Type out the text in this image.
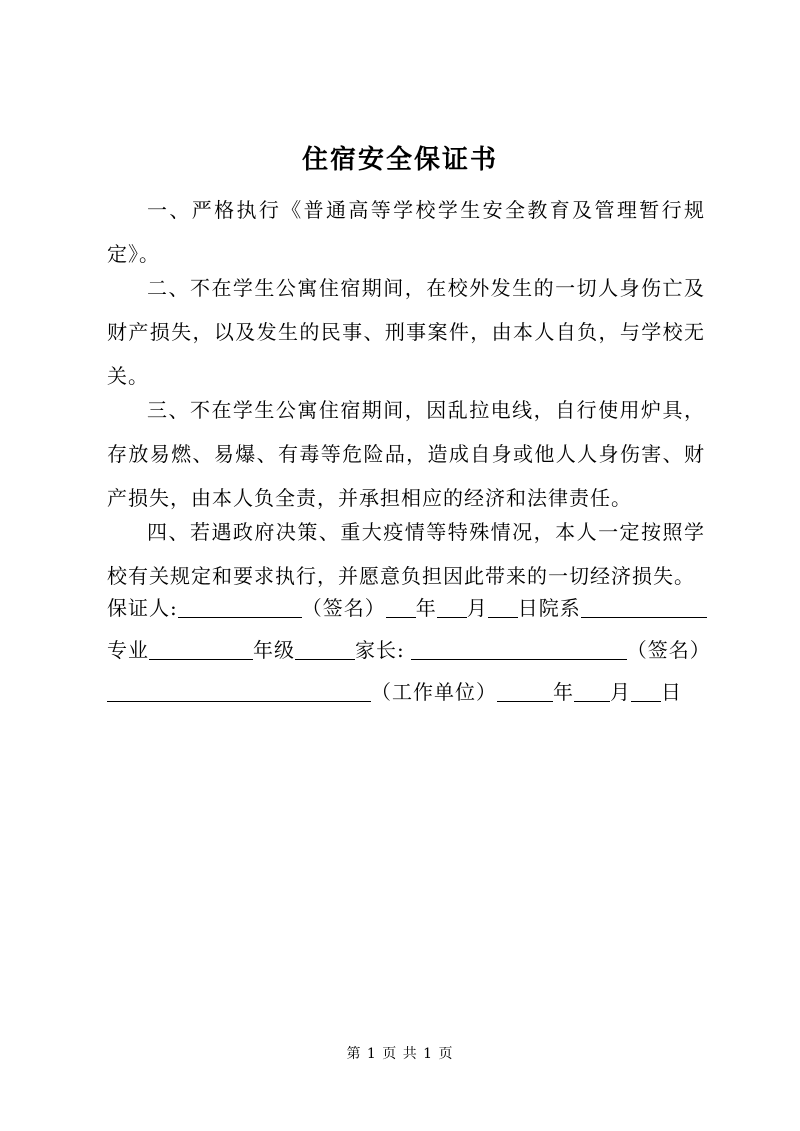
住宿安全保证书

一、严格执行《普通高等学校学生安全教育及管理暂行规定》。

二、不在学生公寓住宿期间，在校外发生的一切人身伤亡及财产损失，以及发生的民事、刑事案件，由本人自负，与学校无关。

三、不在学生公寓住宿期间，因乱拉电线，自行使用炉具，存放易燃、易爆、有毒等危险品，造成自身或他人人身伤害、财产损失，由本人负全责，并承担相应的经济和法律责任。

四、若遇政府决策、重大疫情等特殊情况，本人一定按照学校有关规定和要求执行，并愿意负担因此带来的一切经济损失。

保证人:	（签名） 年 月 日院系
专业	年级	家长:	（签名）
（工作单位）	年 月 日
第 1 页 共 1 页
